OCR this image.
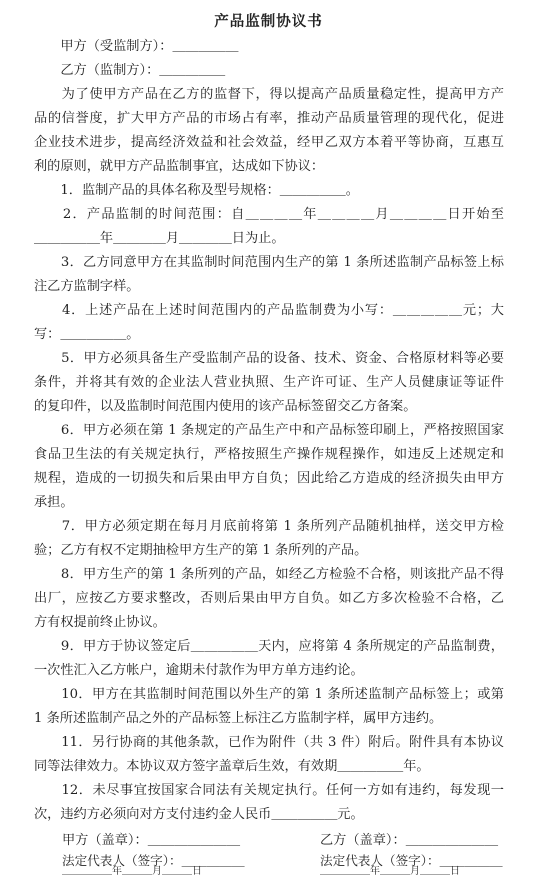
产品监制协议书
　　甲方（受监制方）：＿＿＿＿＿
　　乙方（监制方）：＿＿＿＿＿
　　为了使甲方产品在乙方的监督下，得以提高产品质量稳定性，提高甲方产
品的信誉度，扩大甲方产品的市场占有率，推动产品质量管理的现代化，促进
企业技术进步，提高经济效益和社会效益，经甲乙双方本着平等协商，互惠互
利的原则，就甲方产品监制事宜，达成如下协议：
　　1．监制产品的具体名称及型号规格：＿＿＿＿＿。
　　2．产品监制的时间范围：自＿＿＿＿年＿＿＿＿月＿＿＿＿日开始至
＿＿＿＿＿年＿＿＿＿月＿＿＿＿日为止。
　　3．乙方同意甲方在其监制时间范围内生产的第 1 条所述监制产品标签上标
注乙方监制字样。
　　4．上述产品在上述时间范围内的产品监制费为小写：＿＿＿＿＿元；大
写：＿＿＿＿＿。
　　5．甲方必须具备生产受监制产品的设备、技术、资金、合格原材料等必要
条件，并将其有效的企业法人营业执照、生产许可证、生产人员健康证等证件
的复印件，以及监制时间范围内使用的该产品标签留交乙方备案。
　　6．甲方必须在第 1 条规定的产品生产中和产品标签印刷上，严格按照国家
食品卫生法的有关规定执行，严格按照生产操作规程操作，如违反上述规定和
规程，造成的一切损失和后果由甲方自负；因此给乙方造成的经济损失由甲方
承担。
　　7．甲方必须定期在每月月底前将第 1 条所列产品随机抽样，送交甲方检
验；乙方有权不定期抽检甲方生产的第 1 条所列的产品。
　　8．甲方生产的第 1 条所列的产品，如经乙方检验不合格，则该批产品不得
出厂，应按乙方要求整改，否则后果由甲方自负。如乙方多次检验不合格，乙
方有权提前终止协议。
　　9．甲方于协议签定后＿＿＿＿＿天内，应将第 4 条所规定的产品监制费，
一次性汇入乙方帐户，逾期未付款作为甲方单方违约论。
　　10．甲方在其监制时间范围以外生产的第 1 条所述监制产品标签上；或第
1 条所述监制产品之外的产品标签上标注乙方监制字样，属甲方违约。
　　11．另行协商的其他条款，已作为附件（共 3 件）附后。附件具有本协议
同等法律效力。本协议双方签字盖章后生效，有效期＿＿＿＿＿年。
　　12．未尽事宜按国家合同法有关规定执行。任何一方如有违约，每发现一
次，违约方必须向对方支付违约金人民币＿＿＿＿＿元。
甲方（盖章）：＿＿＿＿＿＿＿	乙方（盖章）：＿＿＿＿＿＿＿
法定代表人（签字）：＿＿＿＿＿	法定代表人（签字）：＿＿＿＿＿
＿＿＿＿＿年＿＿＿月＿＿＿日	＿＿＿＿＿年＿＿＿月＿＿＿日
